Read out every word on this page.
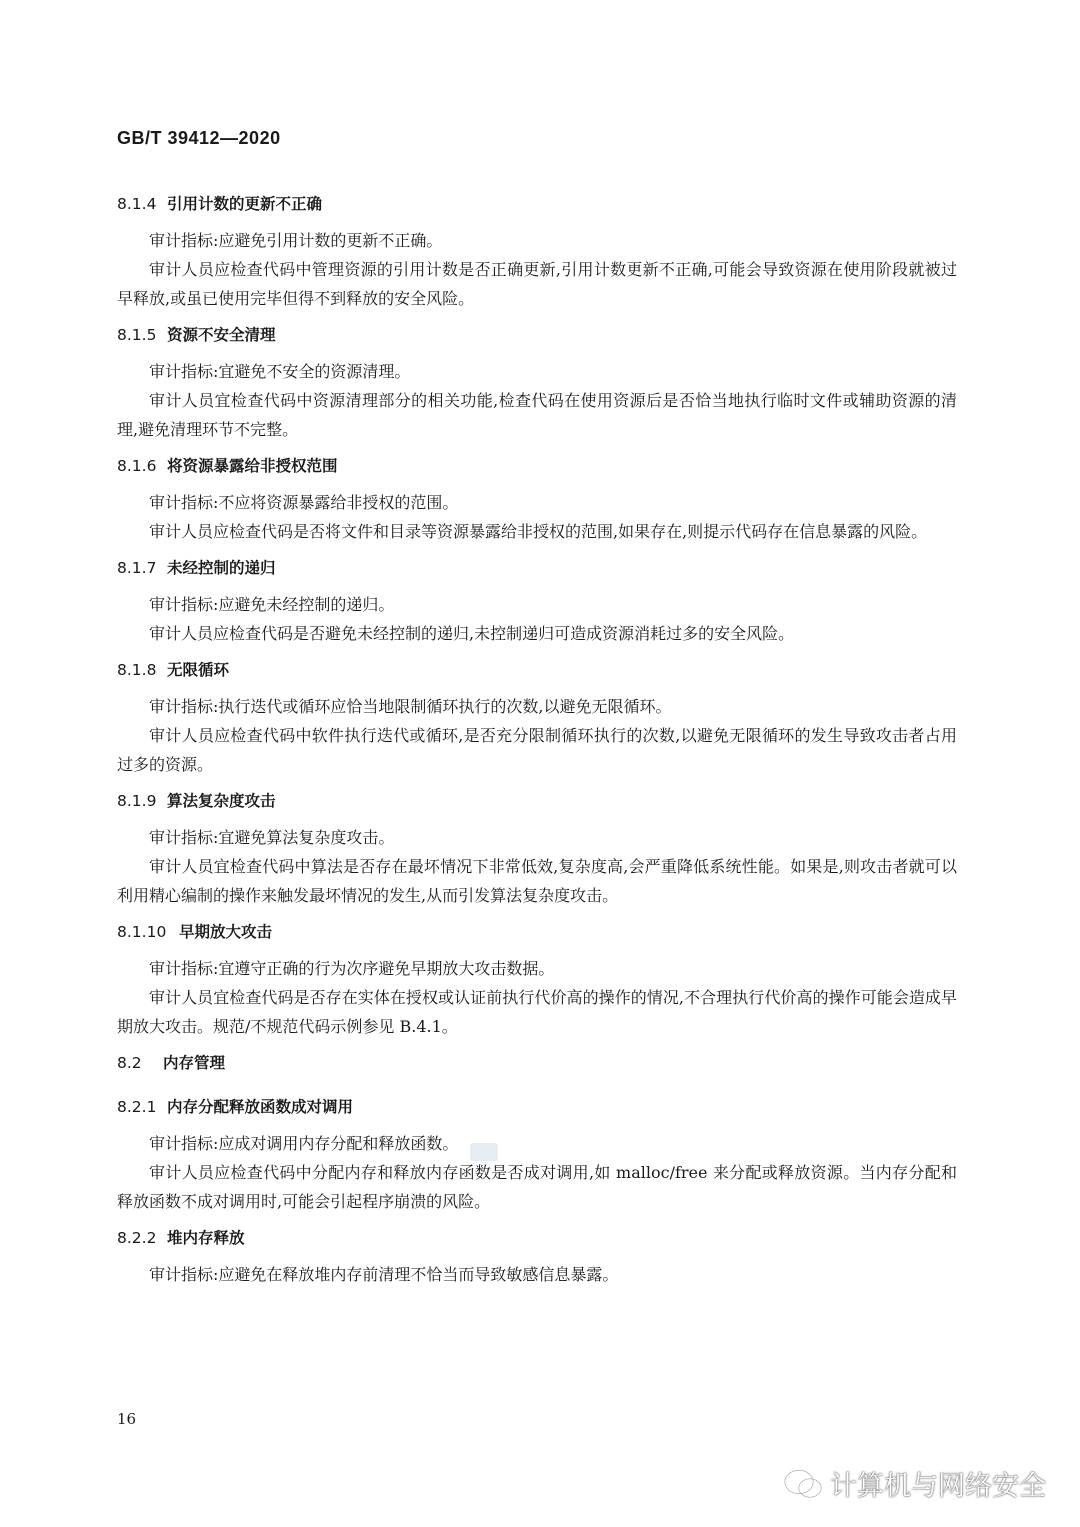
GB/T 39412—2020
8.1.4 引用计数的更新不正确

审计指标:应避免引用计数的更新不正确。

审计人员应检查代码中管理资源的引用计数是否正确更新,引用计数更新不正确,可能会导致资源在使用阶段就被过早释放,或虽已使用完毕但得不到释放的安全风险。

8.1.5 资源不安全清理

审计指标:宜避免不安全的资源清理。

审计人员宜检查代码中资源清理部分的相关功能,检查代码在使用资源后是否恰当地执行临时文件或辅助资源的清理,避免清理环节不完整。

8.1.6 将资源暴露给非授权范围

审计指标:不应将资源暴露给非授权的范围。

审计人员应检查代码是否将文件和目录等资源暴露给非授权的范围,如果存在,则提示代码存在信息暴露的风险。

8.1.7 未经控制的递归

审计指标:应避免未经控制的递归。

审计人员应检查代码是否避免未经控制的递归,未控制递归可造成资源消耗过多的安全风险。

8.1.8 无限循环

审计指标:执行迭代或循环应恰当地限制循环执行的次数,以避免无限循环。

审计人员应检查代码中软件执行迭代或循环,是否充分限制循环执行的次数,以避免无限循环的发生导致攻击者占用过多的资源。

8.1.9 算法复杂度攻击

审计指标:宜避免算法复杂度攻击。

审计人员宜检查代码中算法是否存在最坏情况下非常低效,复杂度高,会严重降低系统性能。如果是,则攻击者就可以利用精心编制的操作来触发最坏情况的发生,从而引发算法复杂度攻击。

8.1.10 早期放大攻击

审计指标:宜遵守正确的行为次序避免早期放大攻击数据。

审计人员宜检查代码是否存在实体在授权或认证前执行代价高的操作的情况,不合理执行代价高的操作可能会造成早期放大攻击。规范/不规范代码示例参见 B.4.1。

8.2 内存管理
8.2.1 内存分配释放函数成对调用

审计指标:应成对调用内存分配和释放函数。

审计人员应检查代码中分配内存和释放内存函数是否成对调用,如 malloc/free 来分配或释放资源。当内存分配和释放函数不成对调用时,可能会引起程序崩溃的风险。

8.2.2 堆内存释放

审计指标:应避免在释放堆内存前清理不恰当而导致敏感信息暴露。

16
计算机与网络安全
